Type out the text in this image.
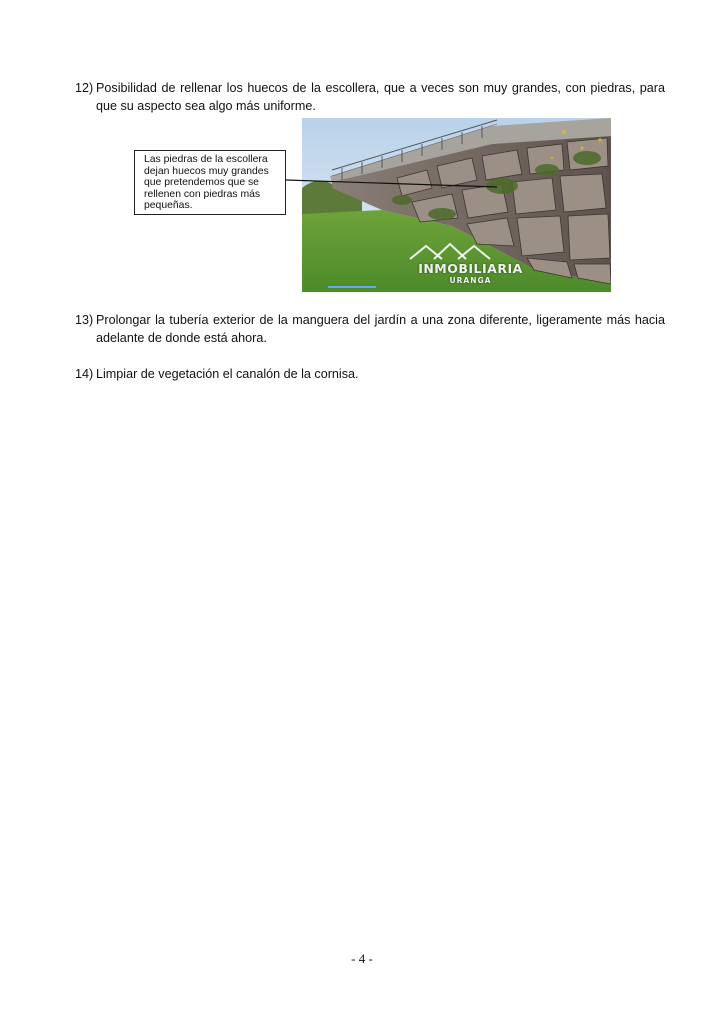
12) Posibilidad de rellenar los huecos de la escollera, que a veces son muy grandes, con piedras, para que su aspecto sea algo más uniforme.
INMOBILIARIA
URANGA
Las piedras de la escollera dejan huecos muy grandes que pretendemos que se rellenen con piedras más pequeñas.
13) Prolongar la tubería exterior de la manguera del jardín a una zona diferente, ligeramente más hacia adelante de donde está ahora.
14) Limpiar de vegetación el canalón de la cornisa.
- 4 -
